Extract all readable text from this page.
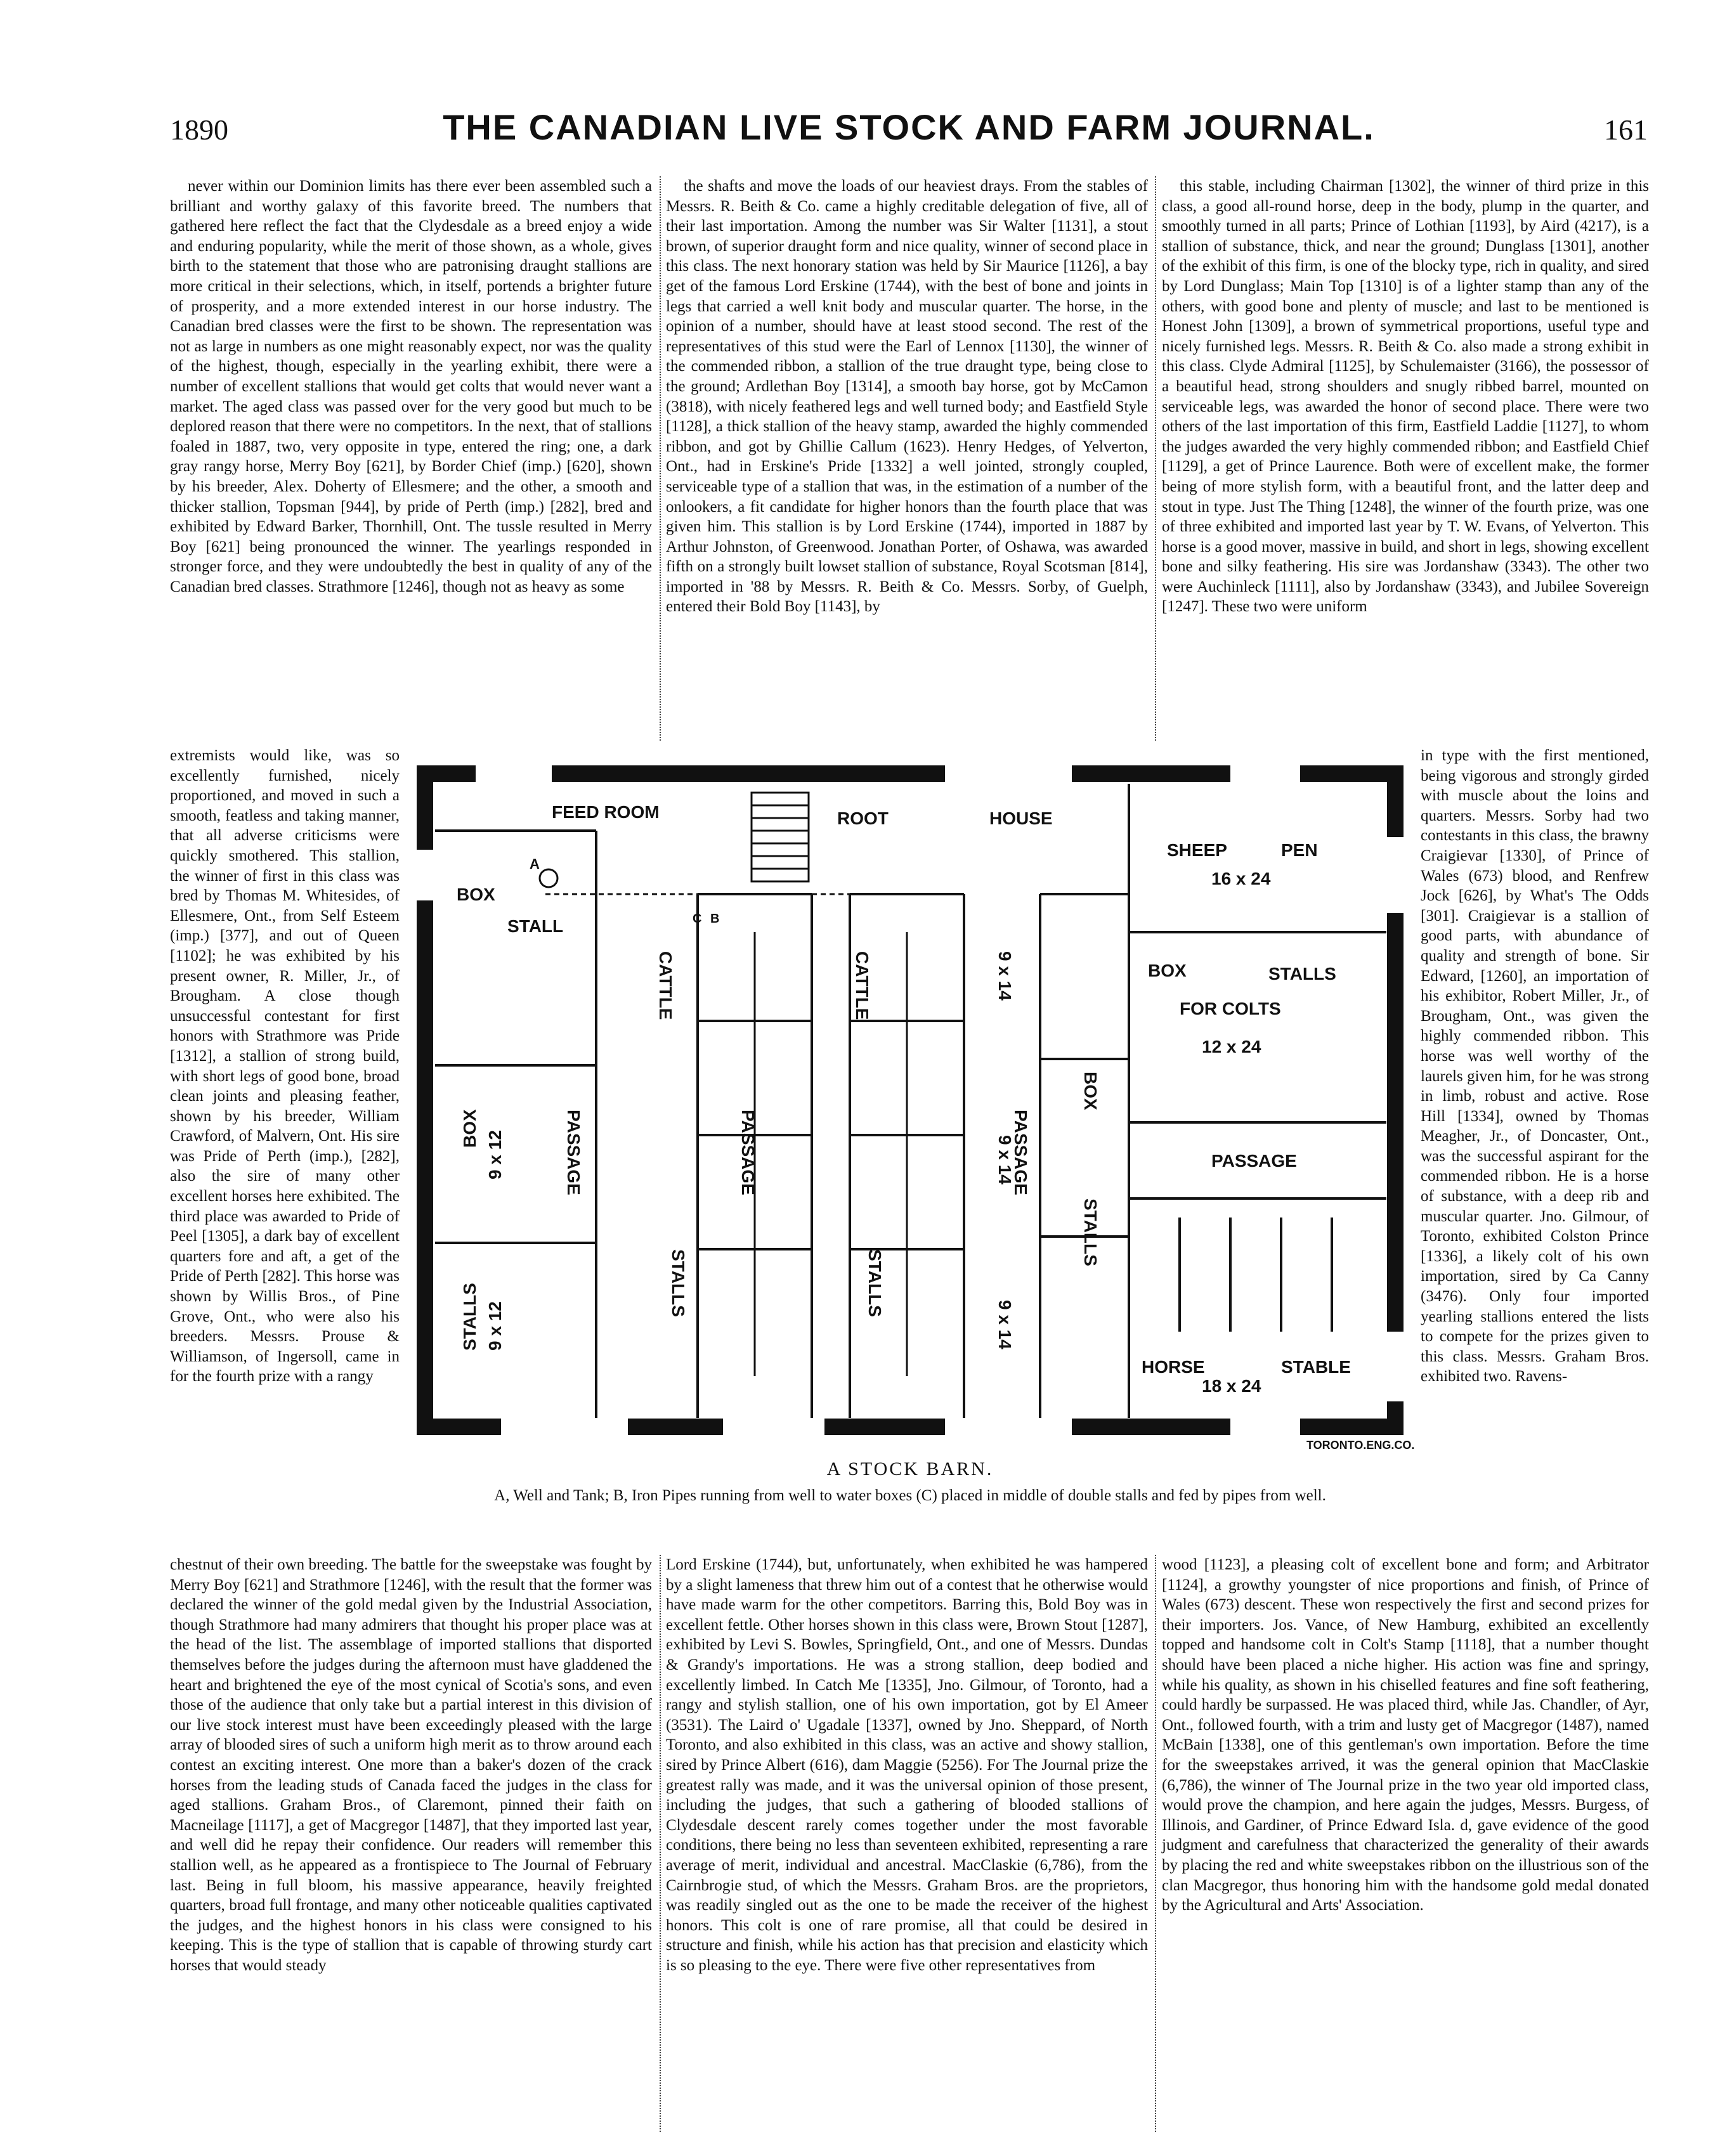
1890	THE CANADIAN LIVE STOCK AND FARM JOURNAL.	161

never within our Dominion limits has there ever been assembled such a brilliant and worthy galaxy of this favorite breed. The numbers that gathered here reflect the fact that the Clydesdale as a breed enjoy a wide and enduring popularity, while the merit of those shown, as a whole, gives birth to the statement that those who are patronising draught stallions are more critical in their selections, which, in itself, portends a brighter future of prosperity, and a more extended interest in our horse industry. The Canadian bred classes were the first to be shown. The representation was not as large in numbers as one might reasonably expect, nor was the quality of the highest, though, especially in the yearling exhibit, there were a number of excellent stallions that would get colts that would never want a market. The aged class was passed over for the very good but much to be deplored reason that there were no competitors. In the next, that of stallions foaled in 1887, two, very opposite in type, entered the ring; one, a dark gray rangy horse, Merry Boy [621], by Border Chief (imp.) [620], shown by his breeder, Alex. Doherty of Ellesmere; and the other, a smooth and thicker stallion, Topsman [944], by pride of Perth (imp.) [282], bred and exhibited by Edward Barker, Thornhill, Ont. The tussle resulted in Merry Boy [621] being pronounced the winner. The yearlings responded in stronger force, and they were undoubtedly the best in quality of any of the Canadian bred classes. Strathmore [1246], though not as heavy as some

the shafts and move the loads of our heaviest drays. From the stables of Messrs. R. Beith & Co. came a highly creditable delegation of five, all of their last importation. Among the number was Sir Walter [1131], a stout brown, of superior draught form and nice quality, winner of second place in this class. The next honorary station was held by Sir Maurice [1126], a bay get of the famous Lord Erskine (1744), with the best of bone and joints in legs that carried a well knit body and muscular quarter. The horse, in the opinion of a number, should have at least stood second. The rest of the representatives of this stud were the Earl of Lennox [1130], the winner of the commended ribbon, a stallion of the true draught type, being close to the ground; Ardlethan Boy [1314], a smooth bay horse, got by McCamon (3818), with nicely feathered legs and well turned body; and Eastfield Style [1128], a thick stallion of the heavy stamp, awarded the highly commended ribbon, and got by Ghillie Callum (1623). Henry Hedges, of Yelverton, Ont., had in Erskine's Pride [1332] a well jointed, strongly coupled, serviceable type of a stallion that was, in the estimation of a number of the onlookers, a fit candidate for higher honors than the fourth place that was given him. This stallion is by Lord Erskine (1744), imported in 1887 by Arthur Johnston, of Greenwood. Jonathan Porter, of Oshawa, was awarded fifth on a strongly built lowset stallion of substance, Royal Scotsman [814], imported in '88 by Messrs. R. Beith & Co. Messrs. Sorby, of Guelph, entered their Bold Boy [1143], by

this stable, including Chairman [1302], the winner of third prize in this class, a good all-round horse, deep in the body, plump in the quarter, and smoothly turned in all parts; Prince of Lothian [1193], by Aird (4217), is a stallion of substance, thick, and near the ground; Dunglass [1301], another of the exhibit of this firm, is one of the blocky type, rich in quality, and sired by Lord Dunglass; Main Top [1310] is of a lighter stamp than any of the others, with good bone and plenty of muscle; and last to be mentioned is Honest John [1309], a brown of symmetrical proportions, useful type and nicely furnished legs. Messrs. R. Beith & Co. also made a strong exhibit in this class. Clyde Admiral [1125], by Schulemaister (3166), the possessor of a beautiful head, strong shoulders and snugly ribbed barrel, mounted on serviceable legs, was awarded the honor of second place. There were two others of the last importation of this firm, Eastfield Laddie [1127], to whom the judges awarded the very highly commended ribbon; and Eastfield Chief [1129], a get of Prince Laurence. Both were of excellent make, the former being of more stylish form, with a beautiful front, and the latter deep and stout in type. Just The Thing [1248], the winner of the fourth prize, was one of three exhibited and imported last year by T. W. Evans, of Yelverton. This horse is a good mover, massive in build, and short in legs, showing excellent bone and silky feathering. His sire was Jordanshaw (3343). The other two were Auchinleck [1111], also by Jordanshaw (3343), and Jubilee Sovereign [1247]. These two were uniform

extremists would like, was so excellently furnished, nicely proportioned, and moved in such a smooth, featless and taking manner, that all adverse criticisms were quickly smothered. This stallion, the winner of first in this class was bred by Thomas M. Whitesides, of Ellesmere, Ont., from Self Esteem (imp.) [377], and out of Queen [1102]; he was exhibited by his present owner, R. Miller, Jr., of Brougham. A close though unsuccessful contestant for first honors with Strathmore was Pride [1312], a stallion of strong build, with short legs of good bone, broad clean joints and pleasing feather, shown by his breeder, William Crawford, of Malvern, Ont. His sire was Pride of Perth (imp.), [282], also the sire of many other excellent horses here exhibited. The third place was awarded to Pride of Peel [1305], a dark bay of excellent quarters fore and aft, a get of the Pride of Perth [282]. This horse was shown by Willis Bros., of Pine Grove, Ont., who were also his breeders. Messrs. Prouse & Williamson, of Ingersoll, came in for the fourth prize with a rangy

in type with the first mentioned, being vigorous and strongly girded with muscle about the loins and quarters. Messrs. Sorby had two contestants in this class, the brawny Craigievar [1330], of Prince of Wales (673) blood, and Renfrew Jock [626], by What's The Odds [301]. Craigievar is a stallion of good parts, with abundance of quality and strength of bone. Sir Edward, [1260], an importation of his exhibitor, Robert Miller, Jr., of Brougham, Ont., was given the highly commended ribbon. This horse was well worthy of the laurels given him, for he was strong in limb, robust and active. Rose Hill [1334], owned by Thomas Meagher, Jr., of Doncaster, Ont., was the successful aspirant for the commended ribbon. He is a horse of substance, with a deep rib and muscular quarter. Jno. Gilmour, of Toronto, exhibited Colston Prince [1336], a likely colt of his own importation, sired by Ca Canny (3476). Only four imported yearling stallions entered the lists to compete for the prizes given to this class. Messrs. Graham Bros. exhibited two. Ravens-

FEED ROOM	ROOT	HOUSE
SHEEP	PEN
16 x 24
BOX
STALL
BOX	STALLS
FOR COLTS
12 x 24
PASSAGE
HORSE	STABLE
18 x 24
A
B
C
CATTLE	CATTLE
PASSAGE	PASSAGE	PASSAGE
STALLS	STALLS
BOX
STALLS
BOX
9 x 12
STALLS 9 x 12
9 x 14
9 x 14
9 x 14
TORONTO.ENG.CO.
A STOCK BARN.
A, Well and Tank; B, Iron Pipes running from well to water boxes (C) placed in middle of double stalls and fed by pipes from well.

chestnut of their own breeding. The battle for the sweepstake was fought by Merry Boy [621] and Strathmore [1246], with the result that the former was declared the winner of the gold medal given by the Industrial Association, though Strathmore had many admirers that thought his proper place was at the head of the list. The assemblage of imported stallions that disported themselves before the judges during the afternoon must have gladdened the heart and brightened the eye of the most cynical of Scotia's sons, and even those of the audience that only take but a partial interest in this division of our live stock interest must have been exceedingly pleased with the large array of blooded sires of such a uniform high merit as to throw around each contest an exciting interest. One more than a baker's dozen of the crack horses from the leading studs of Canada faced the judges in the class for aged stallions. Graham Bros., of Claremont, pinned their faith on Macneilage [1117], a get of Macgregor [1487], that they imported last year, and well did he repay their confidence. Our readers will remember this stallion well, as he appeared as a frontispiece to The Journal of February last. Being in full bloom, his massive appearance, heavily freighted quarters, broad full frontage, and many other noticeable qualities captivated the judges, and the highest honors in his class were consigned to his keeping. This is the type of stallion that is capable of throwing sturdy cart horses that would steady

Lord Erskine (1744), but, unfortunately, when exhibited he was hampered by a slight lameness that threw him out of a contest that he otherwise would have made warm for the other competitors. Barring this, Bold Boy was in excellent fettle. Other horses shown in this class were, Brown Stout [1287], exhibited by Levi S. Bowles, Springfield, Ont., and one of Messrs. Dundas & Grandy's importations. He was a strong stallion, deep bodied and excellently limbed. In Catch Me [1335], Jno. Gilmour, of Toronto, had a rangy and stylish stallion, one of his own importation, got by El Ameer (3531). The Laird o' Ugadale [1337], owned by Jno. Sheppard, of North Toronto, and also exhibited in this class, was an active and showy stallion, sired by Prince Albert (616), dam Maggie (5256). For The Journal prize the greatest rally was made, and it was the universal opinion of those present, including the judges, that such a gathering of blooded stallions of Clydesdale descent rarely comes together under the most favorable conditions, there being no less than seventeen exhibited, representing a rare average of merit, individual and ancestral. MacClaskie (6,786), from the Cairnbrogie stud, of which the Messrs. Graham Bros. are the proprietors, was readily singled out as the one to be made the receiver of the highest honors. This colt is one of rare promise, all that could be desired in structure and finish, while his action has that precision and elasticity which is so pleasing to the eye. There were five other representatives from

wood [1123], a pleasing colt of excellent bone and form; and Arbitrator [1124], a growthy youngster of nice proportions and finish, of Prince of Wales (673) descent. These won respectively the first and second prizes for their importers. Jos. Vance, of New Hamburg, exhibited an excellently topped and handsome colt in Colt's Stamp [1118], that a number thought should have been placed a niche higher. His action was fine and springy, while his quality, as shown in his chiselled features and fine soft feathering, could hardly be surpassed. He was placed third, while Jas. Chandler, of Ayr, Ont., followed fourth, with a trim and lusty get of Macgregor (1487), named McBain [1338], one of this gentleman's own importation. Before the time for the sweepstakes arrived, it was the general opinion that MacClaskie (6,786), the winner of The Journal prize in the two year old imported class, would prove the champion, and here again the judges, Messrs. Burgess, of Illinois, and Gardiner, of Prince Edward Isla. d, gave evidence of the good judgment and carefulness that characterized the generality of their awards by placing the red and white sweepstakes ribbon on the illustrious son of the clan Macgregor, thus honoring him with the handsome gold medal donated by the Agricultural and Arts' Association.
